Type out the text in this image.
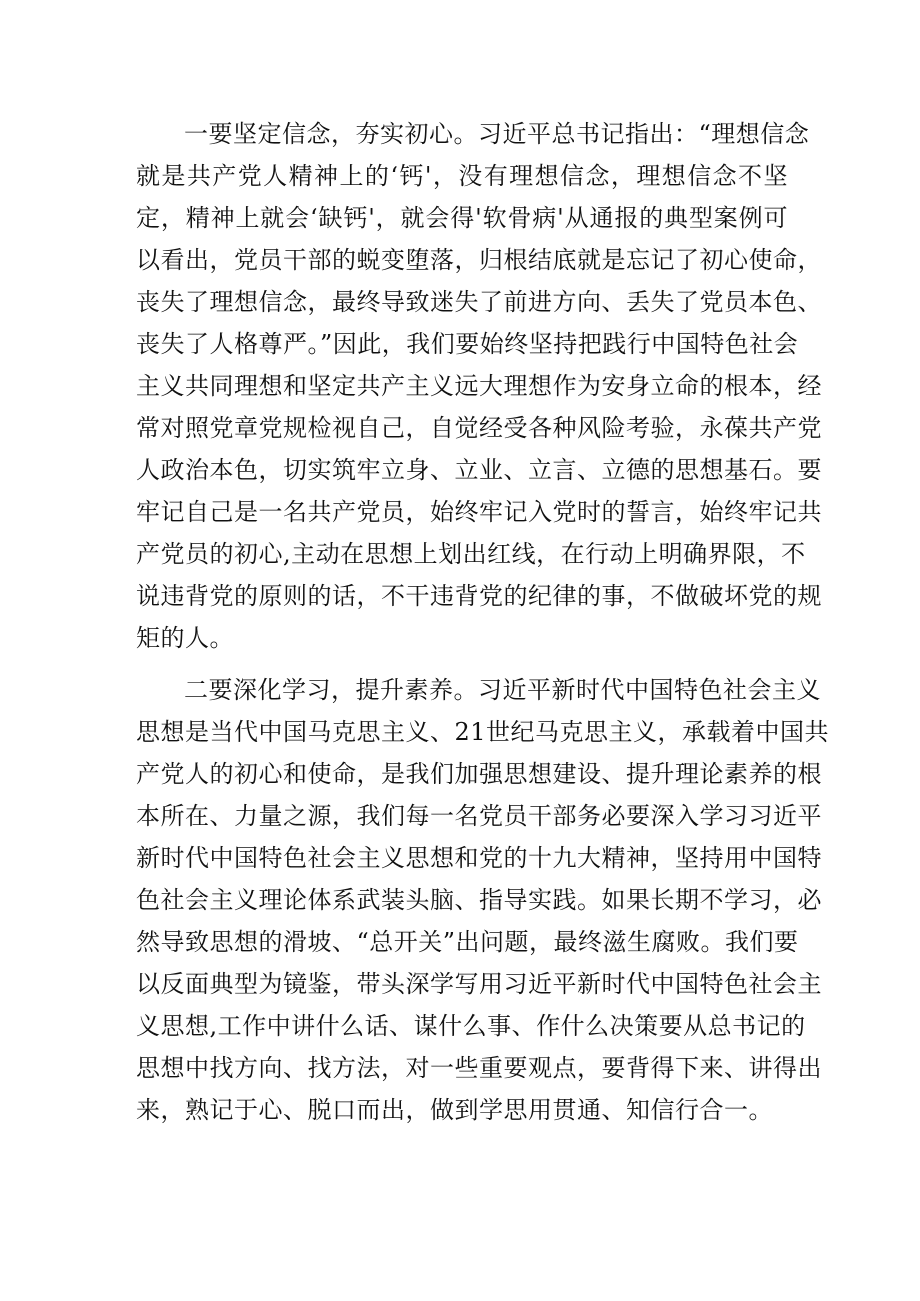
一要坚定信念，夯实初心。习近平总书记指出：“理想信念

就是共产党人精神上的‘钙'，没有理想信念，理想信念不坚

定，精神上就会‘缺钙'，就会得'软骨病'从通报的典型案例可

以看出，党员干部的蜕变堕落，归根结底就是忘记了初心使命，

丧失了理想信念，最终导致迷失了前进方向、丢失了党员本色、

丧失了人格尊严。”因此，我们要始终坚持把践行中国特色社会

主义共同理想和坚定共产主义远大理想作为安身立命的根本，经

常对照党章党规检视自己，自觉经受各种风险考验，永葆共产党

人政治本色，切实筑牢立身、立业、立言、立德的思想基石。要

牢记自己是一名共产党员，始终牢记入党时的誓言，始终牢记共

产党员的初心,主动在思想上划出红线，在行动上明确界限，不

说违背党的原则的话，不干违背党的纪律的事，不做破坏党的规

矩的人。

二要深化学习，提升素养。习近平新时代中国特色社会主义

思想是当代中国马克思主义、21世纪马克思主义，承载着中国共

产党人的初心和使命，是我们加强思想建设、提升理论素养的根

本所在、力量之源，我们每一名党员干部务必要深入学习习近平

新时代中国特色社会主义思想和党的十九大精神，坚持用中国特

色社会主义理论体系武装头脑、指导实践。如果长期不学习，必

然导致思想的滑坡、“总开关”出问题，最终滋生腐败。我们要

以反面典型为镜鉴，带头深学写用习近平新时代中国特色社会主

义思想,工作中讲什么话、谋什么事、作什么决策要从总书记的

思想中找方向、找方法，对一些重要观点，要背得下来、讲得出

来，熟记于心、脱口而出，做到学思用贯通、知信行合一。
